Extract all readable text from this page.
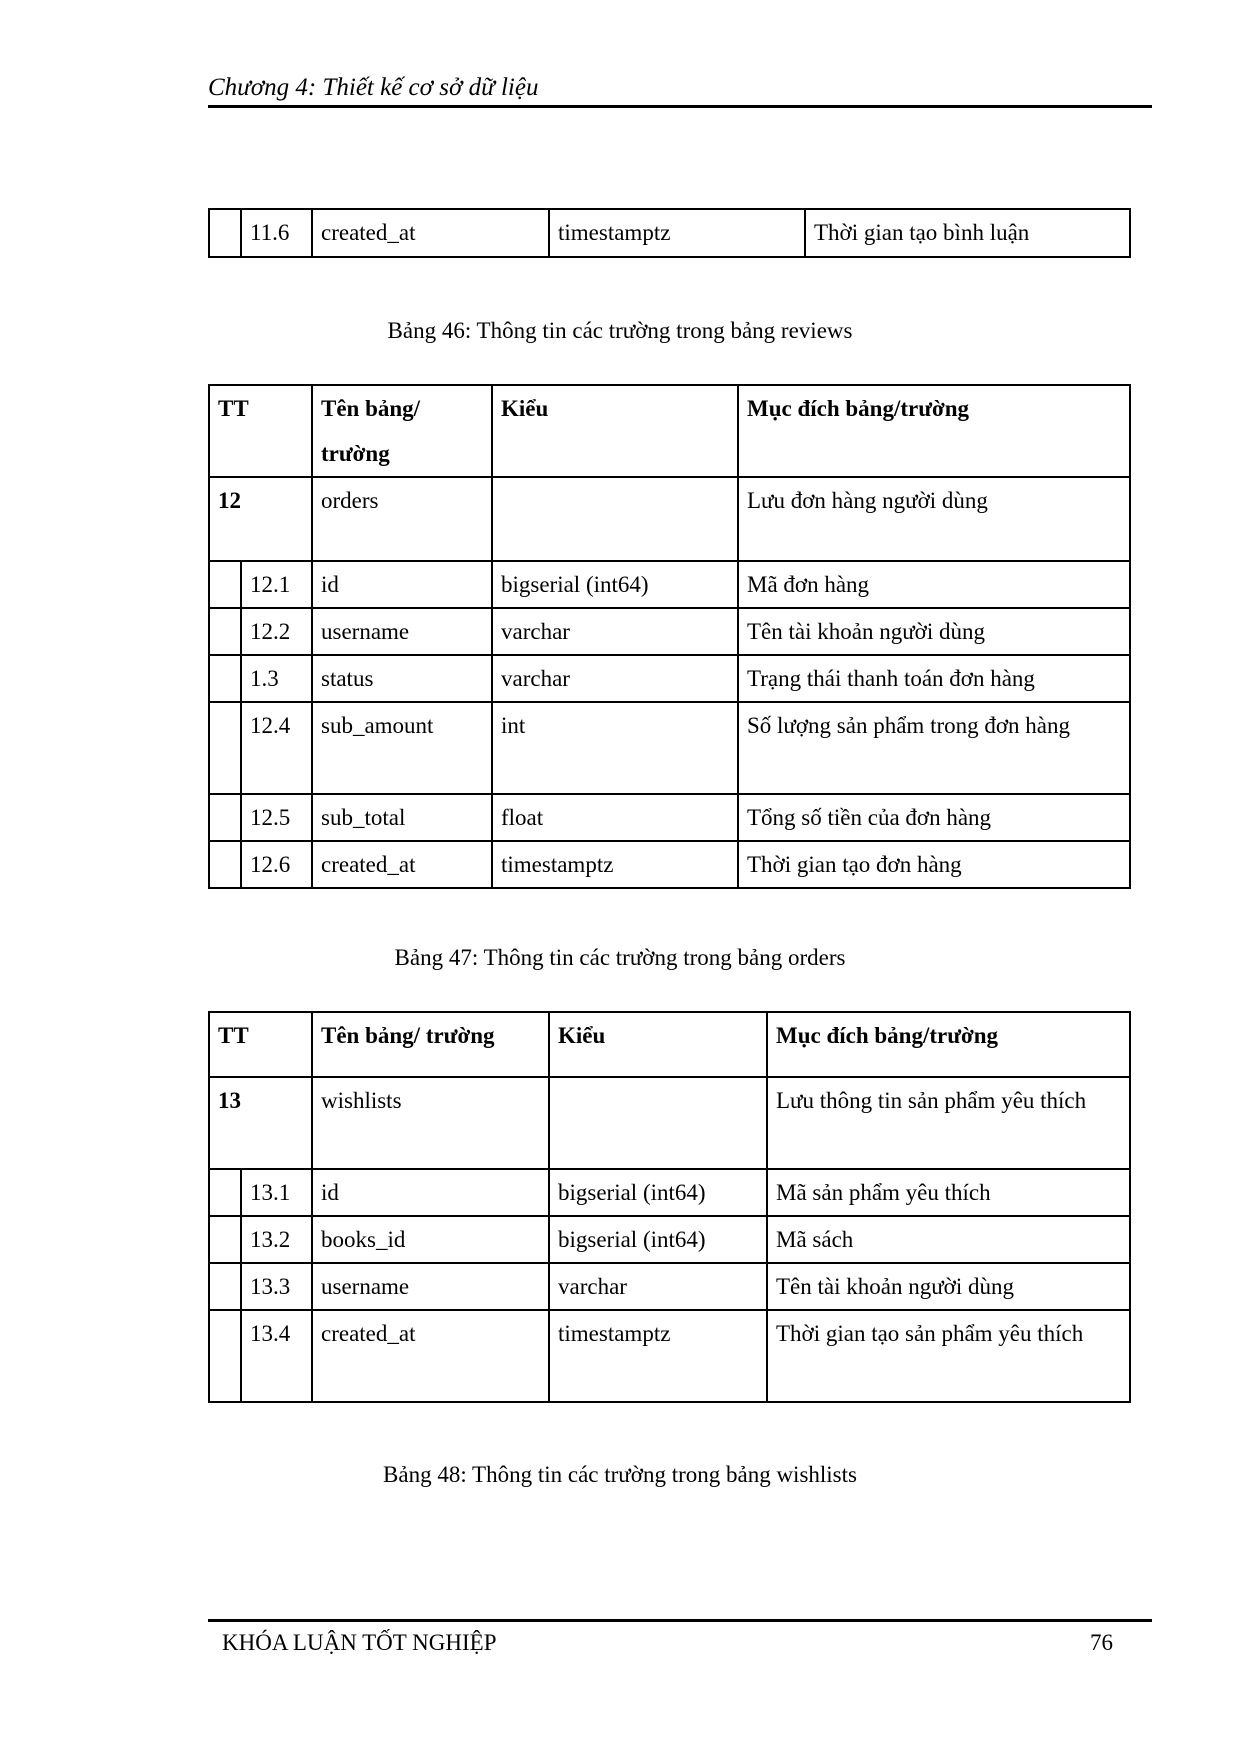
Chương 4: Thiết kế cơ sở dữ liệu
	11.6	created_at	timestamptz	Thời gian tạo bình luận
Bảng 46: Thông tin các trường trong bảng reviews
TT		Tên bảng/ trường	Kiểu	Mục đích bảng/trường
12		orders		Lưu đơn hàng người dùng
	12.1	id	bigserial (int64)	Mã đơn hàng
	12.2	username	varchar	Tên tài khoản người dùng
	1.3	status	varchar	Trạng thái thanh toán đơn hàng
	12.4	sub_amount	int	Số lượng sản phẩm trong đơn hàng
	12.5	sub_total	float	Tổng số tiền của đơn hàng
	12.6	created_at	timestamptz	Thời gian tạo đơn hàng
Bảng 47: Thông tin các trường trong bảng orders
TT		Tên bảng/ trường	Kiểu	Mục đích bảng/trường
13		wishlists		Lưu thông tin sản phẩm yêu thích
	13.1	id	bigserial (int64)	Mã sản phẩm yêu thích
	13.2	books_id	bigserial (int64)	Mã sách
	13.3	username	varchar	Tên tài khoản người dùng
	13.4	created_at	timestamptz	Thời gian tạo sản phẩm yêu thích
Bảng 48: Thông tin các trường trong bảng wishlists
KHÓA LUẬN TỐT NGHIỆP	76
